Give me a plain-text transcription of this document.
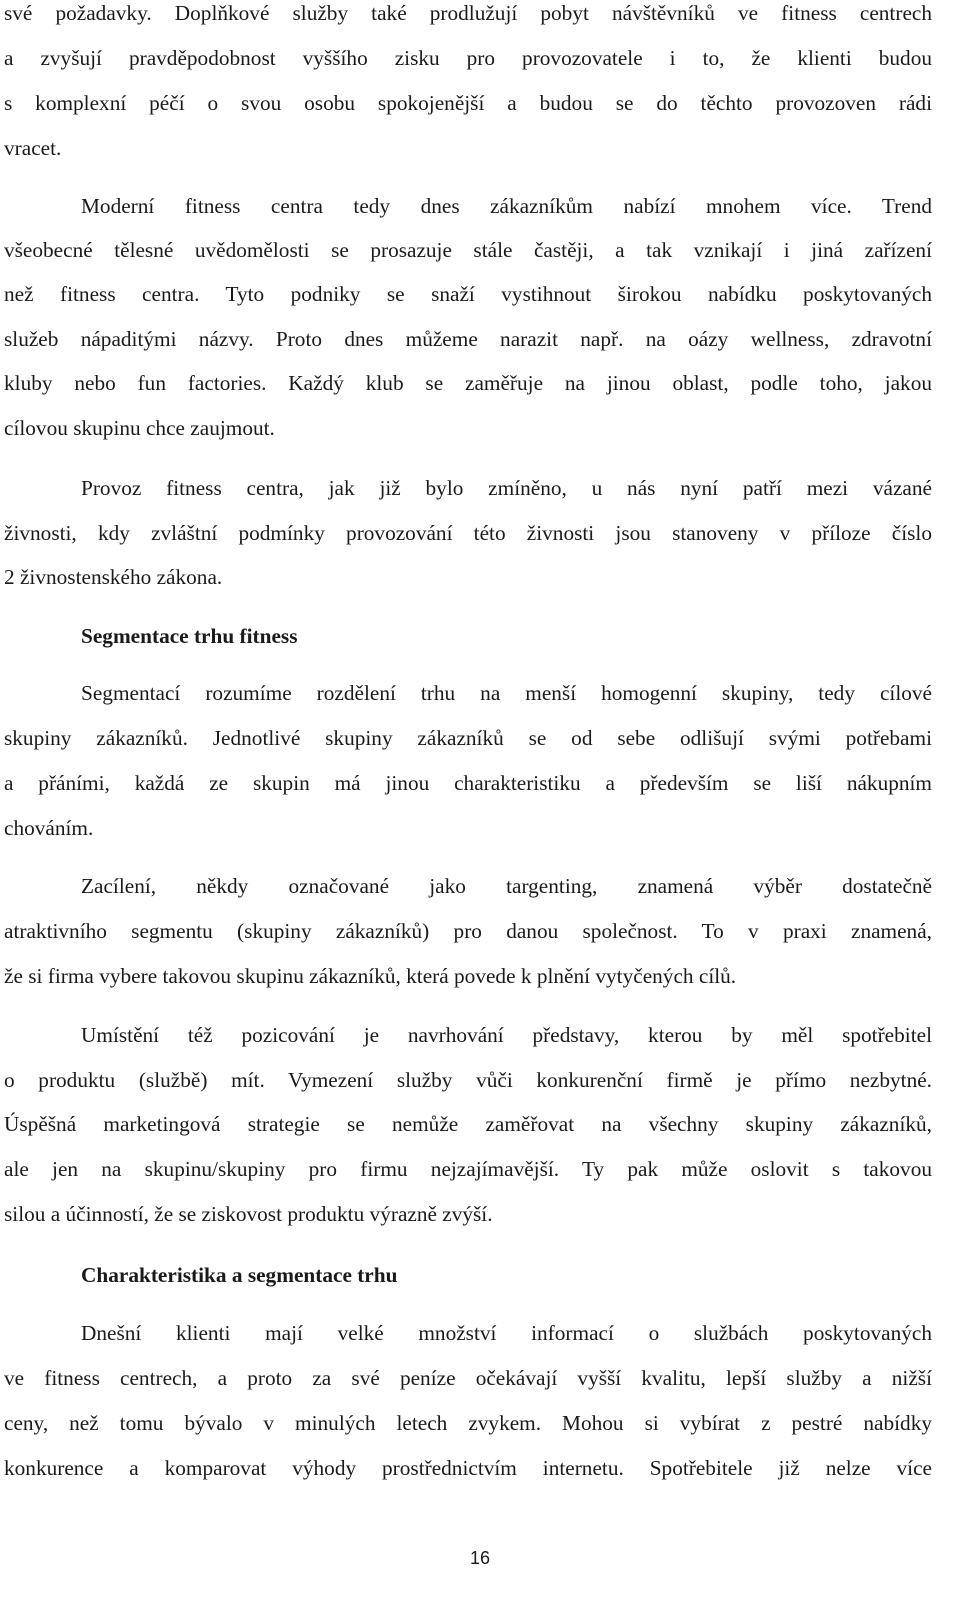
16
své požadavky. Doplňkové služby také prodlužují pobyt návštěvníků ve fitness centrech
a zvyšují pravděpodobnost vyššího zisku pro provozovatele i to, že klienti budou
s komplexní péčí o svou osobu spokojenější a budou se do těchto provozoven rádi
vracet.
Moderní fitness centra tedy dnes zákazníkům nabízí mnohem více. Trend
všeobecné tělesné uvědomělosti se prosazuje stále častěji, a tak vznikají i jiná zařízení
než fitness centra. Tyto podniky se snaží vystihnout širokou nabídku poskytovaných
služeb nápaditými názvy. Proto dnes můžeme narazit např. na oázy wellness, zdravotní
kluby nebo fun factories. Každý klub se zaměřuje na jinou oblast, podle toho, jakou
cílovou skupinu chce zaujmout.
Provoz fitness centra, jak již bylo zmíněno, u nás nyní patří mezi vázané
živnosti, kdy zvláštní podmínky provozování této živnosti jsou stanoveny v příloze číslo
2 živnostenského zákona.
Segmentace trhu fitness
Segmentací rozumíme rozdělení trhu na menší homogenní skupiny, tedy cílové
skupiny zákazníků. Jednotlivé skupiny zákazníků se od sebe odlišují svými potřebami
a přáními, každá ze skupin má jinou charakteristiku a především se liší nákupním
chováním.
Zacílení, někdy označované jako targenting, znamená výběr dostatečně
atraktivního segmentu (skupiny zákazníků) pro danou společnost. To v praxi znamená,
že si firma vybere takovou skupinu zákazníků, která povede k plnění vytyčených cílů.
Umístění též pozicování je navrhování představy, kterou by měl spotřebitel
o produktu (službě) mít. Vymezení služby vůči konkurenční firmě je přímo nezbytné.
Úspěšná marketingová strategie se nemůže zaměřovat na všechny skupiny zákazníků,
ale jen na skupinu/skupiny pro firmu nejzajímavější. Ty pak může oslovit s takovou
silou a účinností, že se ziskovost produktu výrazně zvýší.
Charakteristika a segmentace trhu
Dnešní klienti mají velké množství informací o službách poskytovaných
ve fitness centrech, a proto za své peníze očekávají vyšší kvalitu, lepší služby a nižší
ceny, než tomu bývalo v minulých letech zvykem. Mohou si vybírat z pestré nabídky
konkurence a komparovat výhody prostřednictvím internetu. Spotřebitele již nelze více
